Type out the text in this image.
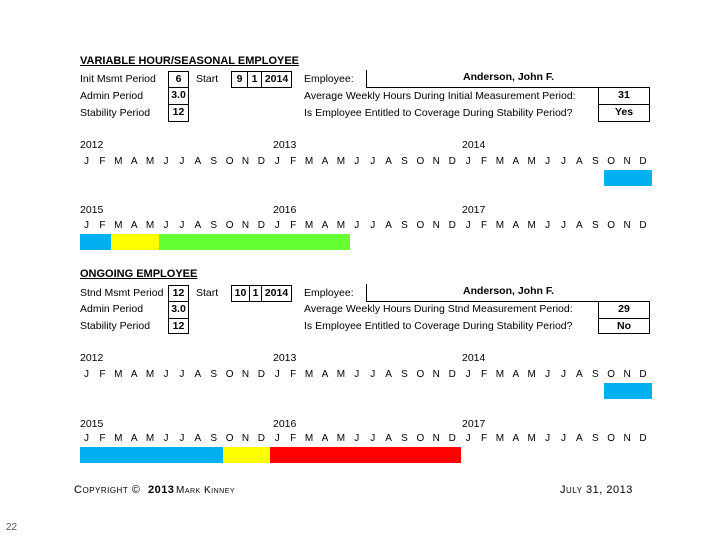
VARIABLE HOUR/SEASONAL EMPLOYEE
Init Msmt Period	6	Start	9 1 2014
Admin Period	3.0
Stability Period	12
Employee:	Anderson, John F.
Average Weekly Hours During Initial Measurement Period:	31
Is Employee Entitled to Coverage During Stability Period?	Yes
2012	2013	2014
2015	2016	2017
ONGOING EMPLOYEE
Stnd Msmt Period 12	Start	10 1 2014
Admin Period	3.0
Stability Period	12
Employee:	Anderson, John F.
Average Weekly Hours During Stnd Measurement Period:	29
Is Employee Entitled to Coverage During Stability Period?	No
2012	2013	2014
2015	2016	2017
Copyright © 2013 Mark Kinney	July 31, 2013
22
J	F M A M J	J	A S O N D J	F M A M J	J	A S O N D J	F M A M J	J	A S O N D
J	F M A M J	J	A S O N D J	F M A M J	J	A S O N D J	F M A M J	J	A S O N D
J	F M A M J	J	A S O N D J	F M A M J	J	A S O N D J	F M A M J	J	A S O N D
J	F M A M J	J	A S O N D J	F M A M J	J	A S O N D J	F M A M J	J	A S O N D
